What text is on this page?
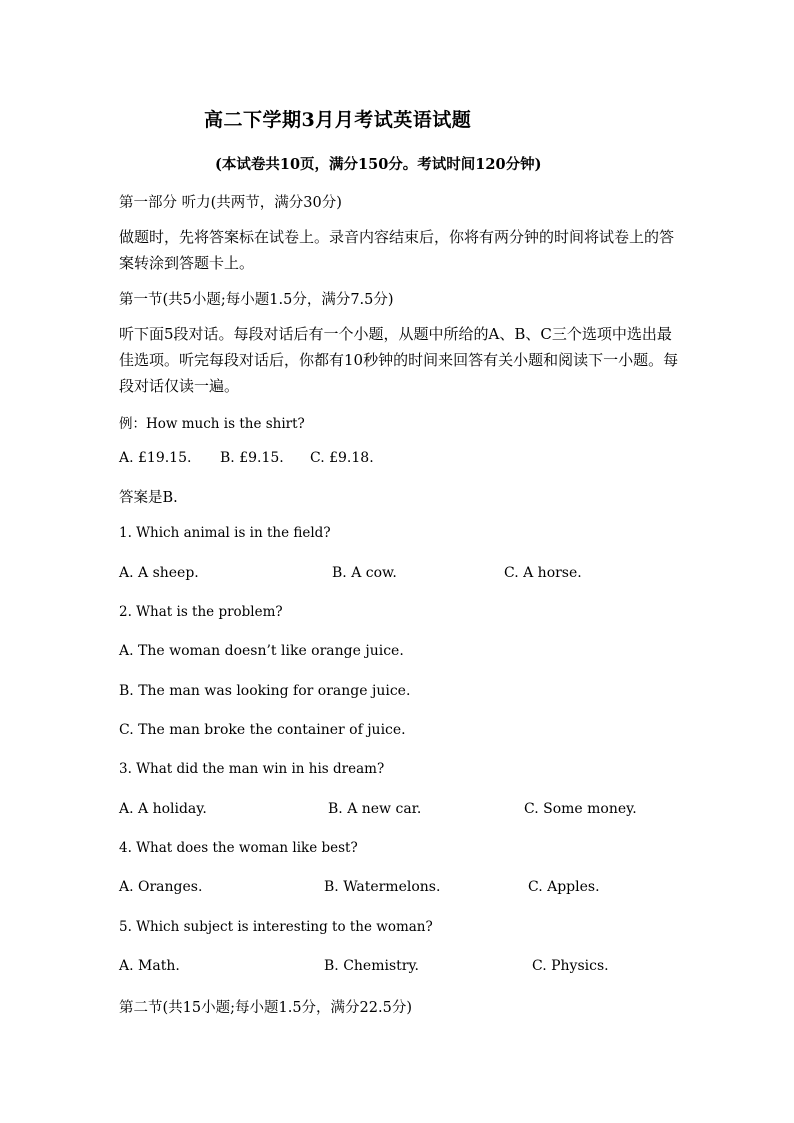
高二下学期3月月考试英语试题
(本试卷共10页，满分150分。考试时间120分钟)
第一部分 听力(共两节，满分30分)
做题时，先将答案标在试卷上。录音内容结束后，你将有两分钟的时间将试卷上的答案转涂到答题卡上。
第一节(共5小题;每小题1.5分，满分7.5分)
听下面5段对话。每段对话后有一个小题，从题中所给的A、B、C三个选项中选出最佳选项。听完每段对话后，你都有10秒钟的时间来回答有关小题和阅读下一小题。每段对话仅读一遍。
例：How much is the shirt?
A. £19.15. B. £9.15. C. £9.18.
答案是B.
1. Which animal is in the field?
A. A sheep.	B. A cow.	C. A horse.
2. What is the problem?
A. The woman doesn’t like orange juice.
B. The man was looking for orange juice.
C. The man broke the container of juice.
3. What did the man win in his dream?
A. A holiday.	B. A new car.	C. Some money.
4. What does the woman like best?
A. Oranges.	B. Watermelons.	C. Apples.
5. Which subject is interesting to the woman?
A. Math.	B. Chemistry.	C. Physics.
第二节(共15小题;每小题1.5分，满分22.5分)
